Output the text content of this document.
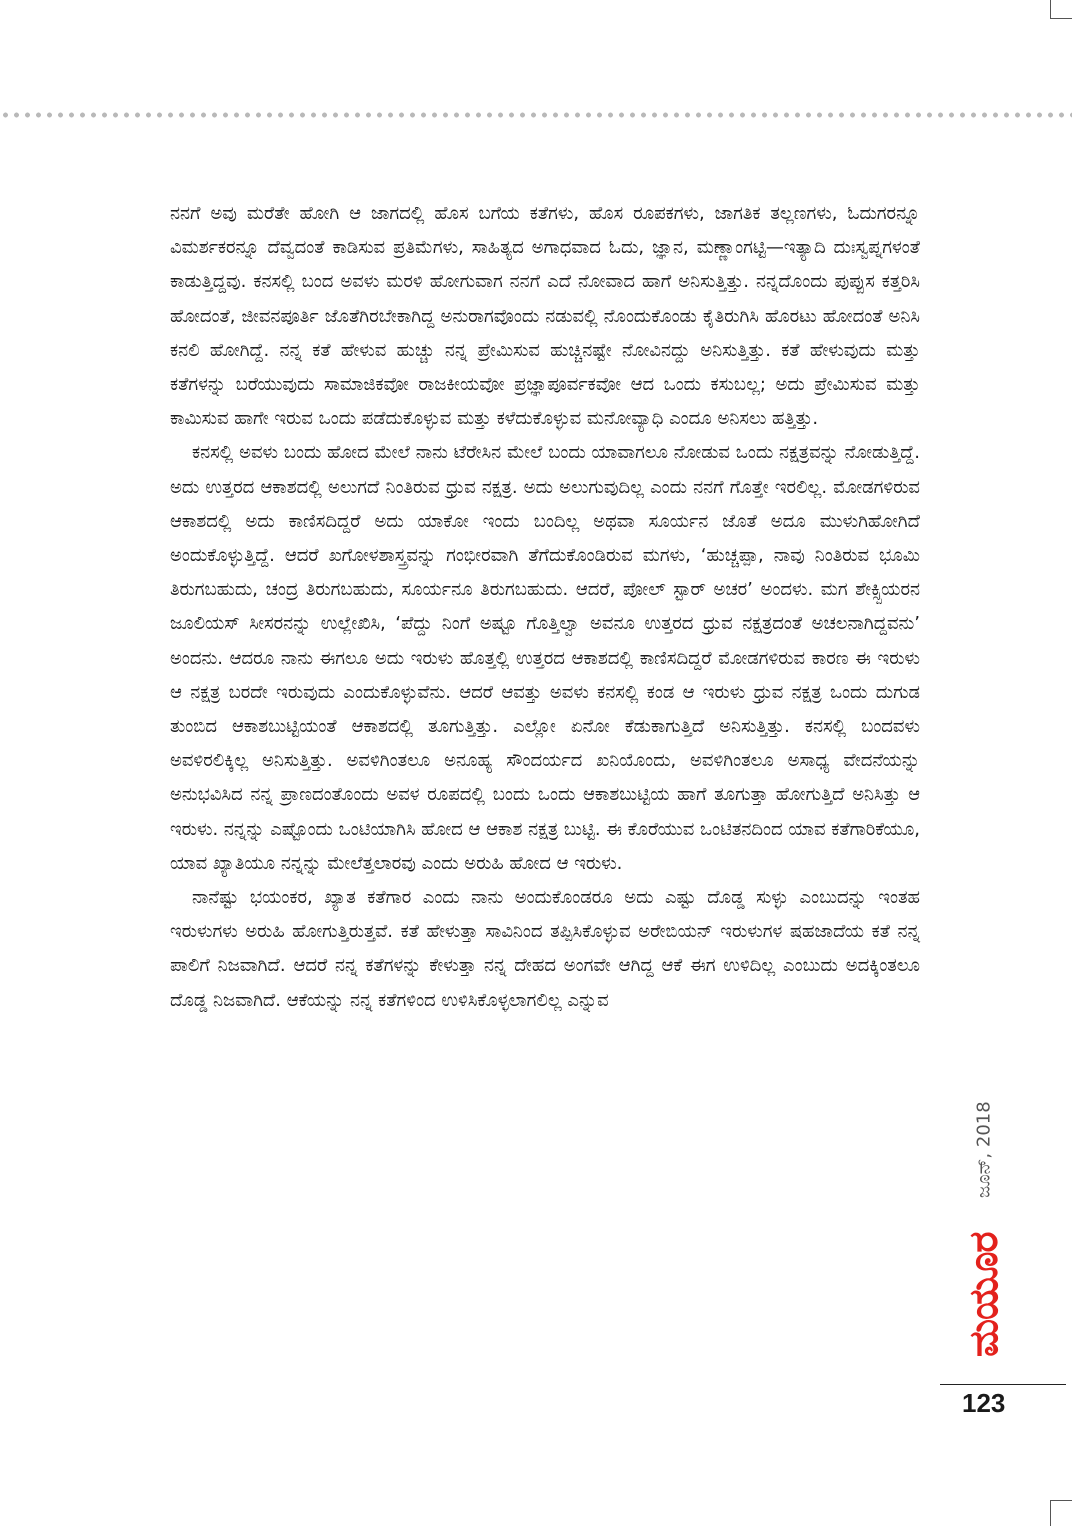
ನನಗೆ ಅವು ಮರೆತೇ ಹೋಗಿ ಆ ಜಾಗದಲ್ಲಿ ಹೊಸ ಬಗೆಯ ಕತೆಗಳು, ಹೊಸ ರೂಪಕಗಳು, ಜಾಗತಿಕ ತಲ್ಲಣಗಳು, ಓದುಗರನ್ನೂ ವಿಮರ್ಶಕರನ್ನೂ ದೆವ್ವದಂತೆ ಕಾಡಿಸುವ ಪ್ರತಿಮೆಗಳು, ಸಾಹಿತ್ಯದ ಅಗಾಧವಾದ ಓದು, ಜ್ಞಾನ, ಮಣ್ಣಾಂಗಟ್ಟಿ—ಇತ್ಯಾದಿ ದುಃಸ್ವಪ್ನಗಳಂತೆ ಕಾಡುತ್ತಿದ್ದವು. ಕನಸಲ್ಲಿ ಬಂದ ಅವಳು ಮರಳಿ ಹೋಗುವಾಗ ನನಗೆ ಎದೆ ನೋವಾದ ಹಾಗೆ ಅನಿಸುತ್ತಿತ್ತು. ನನ್ನದೊಂದು ಪುಪ್ಪುಸ ಕತ್ತರಿಸಿ ಹೋದಂತೆ, ಜೀವನಪೂರ್ತಿ ಜೊತೆಗಿರಬೇಕಾಗಿದ್ದ ಅನುರಾಗವೊಂದು ನಡುವಲ್ಲಿ ನೊಂದುಕೊಂಡು ಕೈತಿರುಗಿಸಿ ಹೊರಟು ಹೋದಂತೆ ಅನಿಸಿ ಕನಲಿ ಹೋಗಿದ್ದೆ. ನನ್ನ ಕತೆ ಹೇಳುವ ಹುಚ್ಚು ನನ್ನ ಪ್ರೇಮಿಸುವ ಹುಚ್ಚಿನಷ್ಟೇ ನೋವಿನದ್ದು ಅನಿಸುತ್ತಿತ್ತು. ಕತೆ ಹೇಳುವುದು ಮತ್ತು ಕತೆಗಳನ್ನು ಬರೆಯುವುದು ಸಾಮಾಜಿಕವೋ ರಾಜಕೀಯವೋ ಪ್ರಜ್ಞಾಪೂರ್ವಕವೋ ಆದ ಒಂದು ಕಸುಬಲ್ಲ; ಅದು ಪ್ರೇಮಿಸುವ ಮತ್ತು ಕಾಮಿಸುವ ಹಾಗೇ ಇರುವ ಒಂದು ಪಡೆದುಕೊಳ್ಳುವ ಮತ್ತು ಕಳೆದುಕೊಳ್ಳುವ ಮನೋವ್ಯಾಧಿ ಎಂದೂ ಅನಿಸಲು ಹತ್ತಿತ್ತು.

ಕನಸಲ್ಲಿ ಅವಳು ಬಂದು ಹೋದ ಮೇಲೆ ನಾನು ಟೆರೇಸಿನ ಮೇಲೆ ಬಂದು ಯಾವಾಗಲೂ ನೋಡುವ ಒಂದು ನಕ್ಷತ್ರವನ್ನು ನೋಡುತ್ತಿದ್ದೆ. ಅದು ಉತ್ತರದ ಆಕಾಶದಲ್ಲಿ ಅಲುಗದೆ ನಿಂತಿರುವ ಧ್ರುವ ನಕ್ಷತ್ರ. ಅದು ಅಲುಗುವುದಿಲ್ಲ ಎಂದು ನನಗೆ ಗೊತ್ತೇ ಇರಲಿಲ್ಲ. ಮೋಡಗಳಿರುವ ಆಕಾಶದಲ್ಲಿ ಅದು ಕಾಣಿಸದಿದ್ದರೆ ಅದು ಯಾಕೋ ಇಂದು ಬಂದಿಲ್ಲ ಅಥವಾ ಸೂರ್ಯನ ಜೊತೆ ಅದೂ ಮುಳುಗಿಹೋಗಿದೆ ಅಂದುಕೊಳ್ಳುತ್ತಿದ್ದೆ. ಆದರೆ ಖಗೋಳಶಾಸ್ತ್ರವನ್ನು ಗಂಭೀರವಾಗಿ ತೆಗೆದುಕೊಂಡಿರುವ ಮಗಳು, ‘ಹುಚ್ಚಪ್ಪಾ, ನಾವು ನಿಂತಿರುವ ಭೂಮಿ ತಿರುಗಬಹುದು, ಚಂದ್ರ ತಿರುಗಬಹುದು, ಸೂರ್ಯನೂ ತಿರುಗಬಹುದು. ಆದರೆ, ಪೋಲ್ ಸ್ಟಾರ್ ಅಚರ’ ಅಂದಳು. ಮಗ ಶೇಕ್ಸ್ಪಿಯರನ ಜೂಲಿಯಸ್ ಸೀಸರನನ್ನು ಉಲ್ಲೇಖಿಸಿ, ‘ಪೆದ್ದು ನಿಂಗೆ ಅಷ್ಟೂ ಗೊತ್ತಿಲ್ವಾ ಅವನೂ ಉತ್ತರದ ಧ್ರುವ ನಕ್ಷತ್ರದಂತೆ ಅಚಲನಾಗಿದ್ದವನು’ ಅಂದನು. ಆದರೂ ನಾನು ಈಗಲೂ ಅದು ಇರುಳು ಹೊತ್ತಲ್ಲಿ ಉತ್ತರದ ಆಕಾಶದಲ್ಲಿ ಕಾಣಿಸದಿದ್ದರೆ ಮೋಡಗಳಿರುವ ಕಾರಣ ಈ ಇರುಳು ಆ ನಕ್ಷತ್ರ ಬರದೇ ಇರುವುದು ಎಂದುಕೊಳ್ಳುವೆನು. ಆದರೆ ಆವತ್ತು ಅವಳು ಕನಸಲ್ಲಿ ಕಂಡ ಆ ಇರುಳು ಧ್ರುವ ನಕ್ಷತ್ರ ಒಂದು ದುಗುಡ ತುಂಬಿದ ಆಕಾಶಬುಟ್ಟಿಯಂತೆ ಆಕಾಶದಲ್ಲಿ ತೂಗುತ್ತಿತ್ತು. ಎಲ್ಲೋ ಏನೋ ಕೆಡುಕಾಗುತ್ತಿದೆ ಅನಿಸುತ್ತಿತ್ತು. ಕನಸಲ್ಲಿ ಬಂದವಳು ಅವಳಿರಲಿಕ್ಕಿಲ್ಲ ಅನಿಸುತ್ತಿತ್ತು. ಅವಳಿಗಿಂತಲೂ ಅನೂಹ್ಯ ಸೌಂದರ್ಯದ ಖನಿಯೊಂದು, ಅವಳಿಗಿಂತಲೂ ಅಸಾಧ್ಯ ವೇದನೆಯನ್ನು ಅನುಭವಿಸಿದ ನನ್ನ ಪ್ರಾಣದಂತೊಂದು ಅವಳ ರೂಪದಲ್ಲಿ ಬಂದು ಒಂದು ಆಕಾಶಬುಟ್ಟಿಯ ಹಾಗೆ ತೂಗುತ್ತಾ ಹೋಗುತ್ತಿದೆ ಅನಿಸಿತ್ತು ಆ ಇರುಳು. ನನ್ನನ್ನು ಎಷ್ಟೊಂದು ಒಂಟಿಯಾಗಿಸಿ ಹೋದ ಆ ಆಕಾಶ ನಕ್ಷತ್ರ ಬುಟ್ಟಿ. ಈ ಕೊರೆಯುವ ಒಂಟಿತನದಿಂದ ಯಾವ ಕತೆಗಾರಿಕೆಯೂ, ಯಾವ ಖ್ಯಾತಿಯೂ ನನ್ನನ್ನು ಮೇಲೆತ್ತಲಾರವು ಎಂದು ಅರುಹಿ ಹೋದ ಆ ಇರುಳು.

ನಾನೆಷ್ಟು ಭಯಂಕರ, ಖ್ಯಾತ ಕತೆಗಾರ ಎಂದು ನಾನು ಅಂದುಕೊಂಡರೂ ಅದು ಎಷ್ಟು ದೊಡ್ಡ ಸುಳ್ಳು ಎಂಬುದನ್ನು ಇಂತಹ ಇರುಳುಗಳು ಅರುಹಿ ಹೋಗುತ್ತಿರುತ್ತವೆ. ಕತೆ ಹೇಳುತ್ತಾ ಸಾವಿನಿಂದ ತಪ್ಪಿಸಿಕೊಳ್ಳುವ ಅರೇಬಿಯನ್ ಇರುಳುಗಳ ಷಹಜಾದೆಯ ಕತೆ ನನ್ನ ಪಾಲಿಗೆ ನಿಜವಾಗಿದೆ. ಆದರೆ ನನ್ನ ಕತೆಗಳನ್ನು ಕೇಳುತ್ತಾ ನನ್ನ ದೇಹದ ಅಂಗವೇ ಆಗಿದ್ದ ಆಕೆ ಈಗ ಉಳಿದಿಲ್ಲ ಎಂಬುದು ಅದಕ್ಕಿಂತಲೂ ದೊಡ್ಡ ನಿಜವಾಗಿದೆ. ಆಕೆಯನ್ನು ನನ್ನ ಕತೆಗಳಿಂದ ಉಳಿಸಿಕೊಳ್ಳಲಾಗಲಿಲ್ಲ ಎನ್ನುವ

ಜೂನ್, 2018
ಮಯೂರ
123
